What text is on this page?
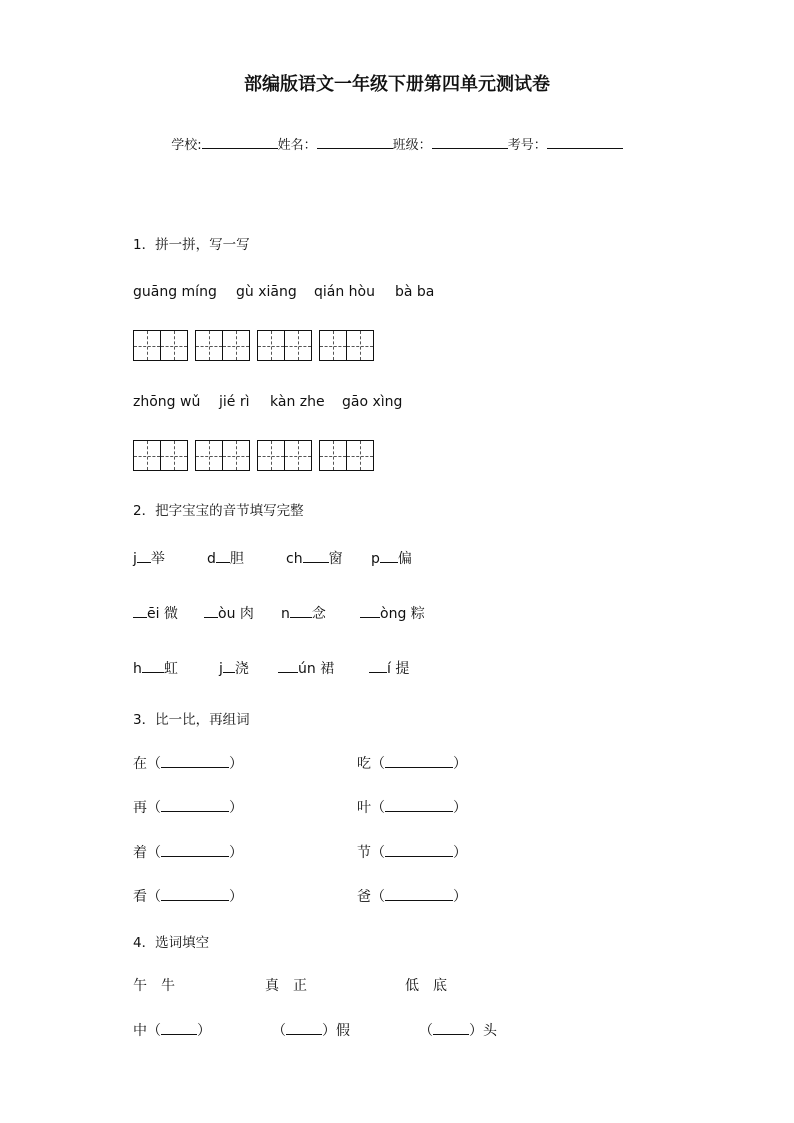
部编版语文一年级下册第四单元测试卷

学校:	姓名：	班级：	考号：

1．拼一拼，写一写
guāng míng gù xiāng qián hòu bà ba
zhōng wǔ jié rì kàn zhe gāo xìng
2．把字宝宝的音节填写完整
j 举	d 胆	ch 窗 p 偏
ēi 微	òu 肉 n 念	òng 粽
h 虹	j 浇	ún 裙	í 提
3．比一比，再组词
在（	）	吃（	）
再（	）	叶（	）
着（	）	节（	）
看（	）	爸（	）
4．选词填空
午　牛	真　正	低　底
中（	）	（	）假	（	）头
